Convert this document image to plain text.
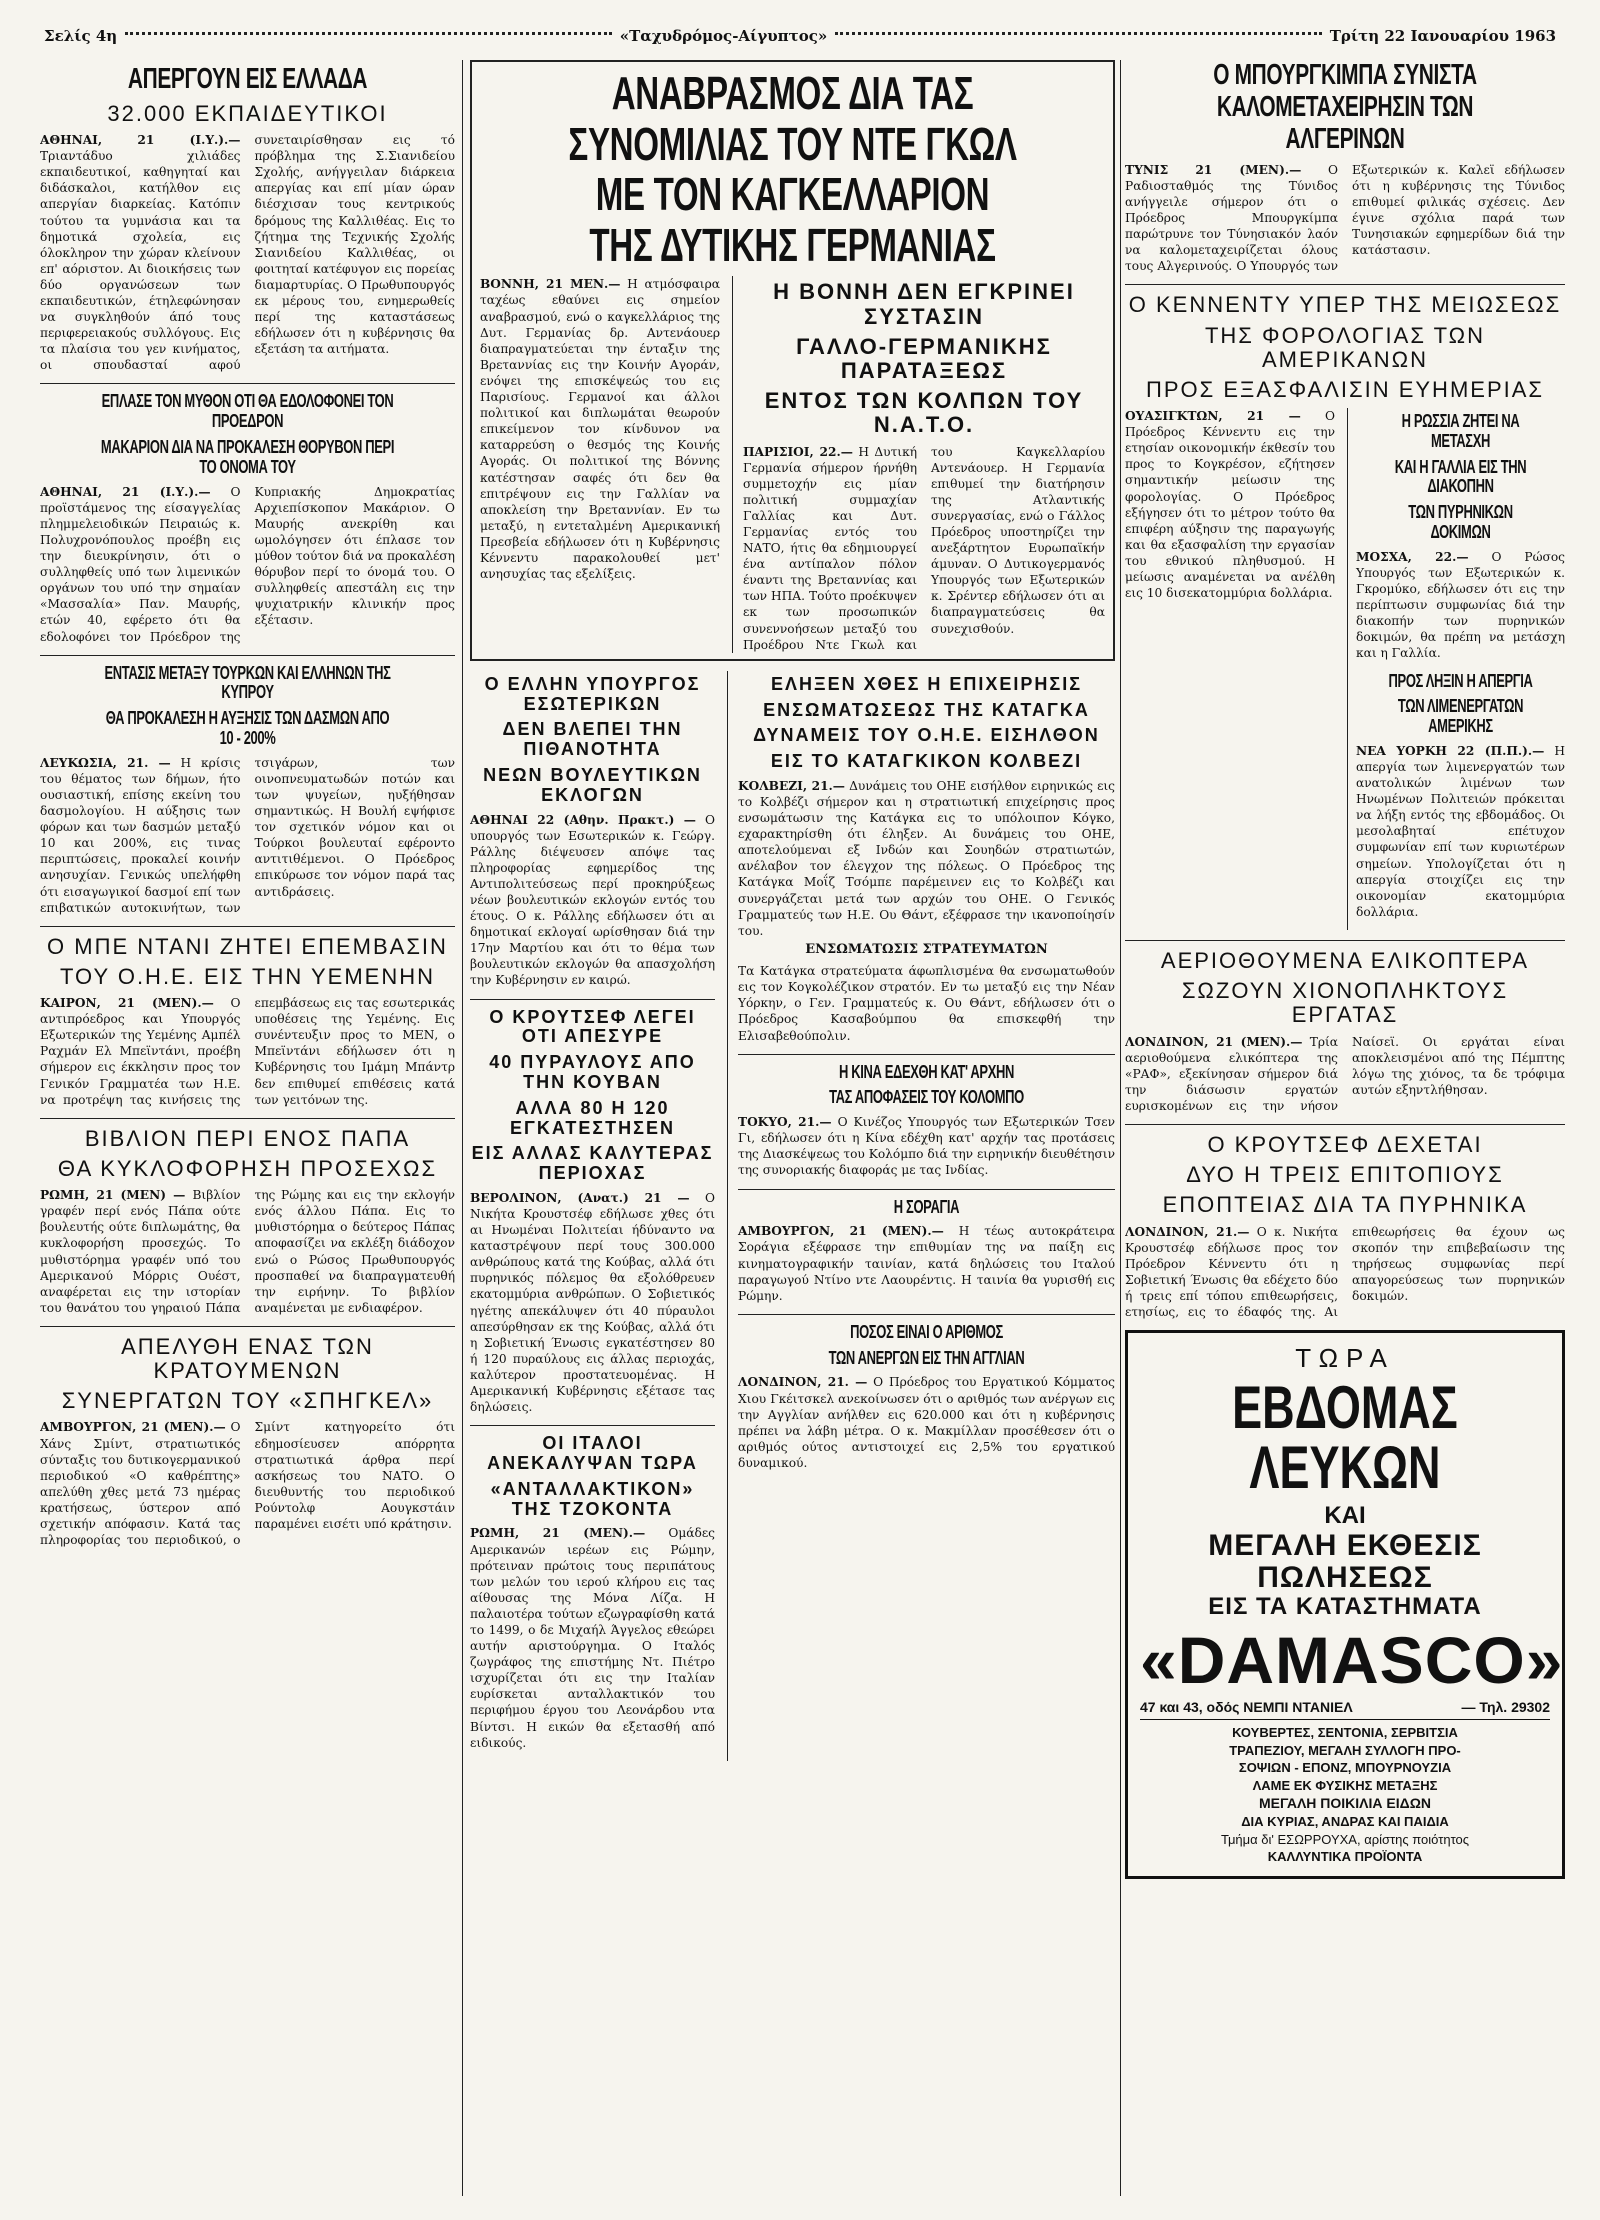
Σελίς 4η	«Ταχυδρόμος-Αίγυπτος»	Τρίτη 22 Ιανουαρίου 1963
ΑΠΕΡΓΟΥΝ ΕΙΣ ΕΛΛΑΔΑ
32.000 ΕΚΠΑΙΔΕΥΤΙΚΟΙ
ΑΘΗΝΑΙ, 21 (Ι.Υ.).— Τριαντάδυο χιλιάδες εκπαιδευτικοί, καθηγηταί και διδάσκαλοι, κατήλθον εις απεργίαν διαρκείας. Κατόπιν τούτου τα γυμνάσια και τα δημοτικά σχολεία, εις όλοκληρον την χώραν κλείνουν επ' αόριστον. Αι διοικήσεις των δύο οργανώσεων των εκπαιδευτικών, έτηλεφώνησαν να συγκληθούν άπό τους περιφερειακούς συλλόγους. Εις τα πλαίσια του γεν κινήματος, οι σπουδασταί αφού συνεταιρίσθησαν εις τό πρόβλημα της Σ.Σιανιδείου Σχολής, ανήγγειλαν διάρκεια απεργίας και επί μίαν ώραν διέσχισαν τους κεντρικούς δρόμους της Καλλιθέας. Εις το ζήτημα της Τεχνικής Σχολής Σιανιδείου Καλλιθέας, οι φοιτηταί κατέφυγον εις πορείας διαμαρτυρίας. Ο Πρωθυπουργός εκ μέρους του, ενημερωθείς περί της καταστάσεως εδήλωσεν ότι η κυβέρνησις θα εξετάση τα αιτήματα.
ΕΠΛΑΣΕ ΤΟΝ ΜΥΘΟΝ ΟΤΙ ΘΑ ΕΔΟΛΟΦΟΝΕΙ ΤΟΝ ΠΡΟΕΔΡΟΝ
ΜΑΚΑΡΙΟΝ ΔΙΑ ΝΑ ΠΡΟΚΑΛΕΣΗ ΘΟΡΥΒΟΝ ΠΕΡΙ ΤΟ ΟΝΟΜΑ ΤΟΥ
ΑΘΗΝΑΙ, 21 (Ι.Υ.).— Ο προϊστάμενος της είσαγγελίας πλημμελειοδικών Πειραιώς κ. Πολυχρονόπουλος προέβη εις την διευκρίνησιν, ότι ο συλληφθείς υπό των λιμενικών οργάνων του υπό την σημαίαν «Μασσαλία» Παν. Μαυρής, ετών 40, εφέρετο ότι θα εδολοφόνει τον Πρόεδρον της Κυπριακής Δημοκρατίας Αρχιεπίσκοπον Μακάριον. Ο Μαυρής ανεκρίθη και ωμολόγησεν ότι έπλασε τον μύθον τούτον διά να προκαλέση θόρυβον περί το όνομά του. Ο συλληφθείς απεστάλη εις την ψυχιατρικήν κλινικήν προς εξέτασιν.
ΕΝΤΑΣΙΣ ΜΕΤΑΞΥ ΤΟΥΡΚΩΝ ΚΑΙ ΕΛΛΗΝΩΝ ΤΗΣ ΚΥΠΡΟΥ
ΘΑ ΠΡΟΚΑΛΕΣΗ Η ΑΥΞΗΣΙΣ ΤΩΝ ΔΑΣΜΩΝ ΑΠΟ 10 - 200%
ΛΕΥΚΩΣΙΑ, 21. — Η κρίσις του θέματος των δήμων, ήτο ουσιαστική, επίσης εκείνη του δασμολογίου. Η αύξησις των φόρων και των δασμών μεταξύ 10 και 200%, εις τινας περιπτώσεις, προκαλεί κοινήν ανησυχίαν. Γενικώς υπελήφθη ότι εισαγωγικοί δασμοί επί των επιβατικών αυτοκινήτων, των τσιγάρων, των οινοπνευματωδών ποτών και των ψυγείων, ηυξήθησαν σημαντικώς. Η Βουλή εψήφισε τον σχετικόν νόμον και οι Τούρκοι βουλευταί εφέροντο αντιτιθέμενοι. Ο Πρόεδρος επικύρωσε τον νόμον παρά τας αντιδράσεις.
Ο ΜΠΕ ΝΤΑΝΙ ΖΗΤΕΙ ΕΠΕΜΒΑΣΙΝ
ΤΟΥ Ο.Η.Ε. ΕΙΣ ΤΗΝ ΥΕΜΕΝΗΝ
ΚΑΙΡΟΝ, 21 (ΜΕΝ).— Ο αντιπρόεδρος και Υπουργός Εξωτερικών της Υεμένης Αμπέλ Ραχμάν Ελ Μπεϊντάνι, προέβη σήμερον εις έκκλησιν προς τον Γενικόν Γραμματέα των Η.Ε. να προτρέψη τας κινήσεις της επεμβάσεως εις τας εσωτερικάς υποθέσεις της Υεμένης. Εις συνέντευξιν προς το ΜΕΝ, ο Μπεϊντάνι εδήλωσεν ότι η Κυβέρνησις του Ιμάμη Μπάντρ δεν επιθυμεί επιθέσεις κατά των γειτόνων της.
ΒΙΒΛΙΟΝ ΠΕΡΙ ΕΝΟΣ ΠΑΠΑ
ΘΑ ΚΥΚΛΟΦΟΡΗΣΗ ΠΡΟΣΕΧΩΣ
ΡΩΜΗ, 21 (ΜΕΝ) — Βιβλίον γραφέν περί ενός Πάπα ούτε βουλευτής ούτε διπλωμάτης, θα κυκλοφορήση προσεχώς. Το μυθιστόρημα γραφέν υπό του Αμερικανού Μόρρις Ουέστ, αναφέρεται εις την ιστορίαν του θανάτου του γηραιού Πάπα της Ρώμης και εις την εκλογήν ενός άλλου Πάπα. Εις το μυθιστόρημα ο δεύτερος Πάπας αποφασίζει να εκλέξη διάδοχον ενώ ο Ρώσος Πρωθυπουργός προσπαθεί να διαπραγματευθή την ειρήνην. Το βιβλίον αναμένεται με ενδιαφέρον.
ΑΠΕΛΥΘΗ ΕΝΑΣ ΤΩΝ ΚΡΑΤΟΥΜΕΝΩΝ
ΣΥΝΕΡΓΑΤΩΝ ΤΟΥ «ΣΠΗΓΚΕΛ»
ΑΜΒΟΥΡΓΟΝ, 21 (ΜΕΝ).— Ο Χάνς Σμίντ, στρατιωτικός σύνταξις του δυτικογερμανικού περιοδικού «Ο καθρέπτης» απελύθη χθες μετά 73 ημέρας κρατήσεως, ύστερον από σχετικήν απόφασιν. Κατά τας πληροφορίας του περιοδικού, ο Σμίντ κατηγορείτο ότι εδημοσίευσεν απόρρητα στρατιωτικά άρθρα περί ασκήσεως του ΝΑΤΟ. Ο διευθυντής του περιοδικού Ρούντολφ Αουγκστάιν παραμένει εισέτι υπό κράτησιν.
ΑΝΑΒΡΑΣΜΟΣ ΔΙΑ ΤΑΣ ΣΥΝΟΜΙΛΙΑΣ ΤΟΥ ΝΤΕ ΓΚΩΛ
ΜΕ ΤΟΝ ΚΑΓΚΕΛΛΑΡΙΟΝ ΤΗΣ ΔΥΤΙΚΗΣ ΓΕΡΜΑΝΙΑΣ
ΒΟΝΝΗ, 21 ΜΕΝ.— Η ατμόσφαιρα ταχέως εθαύνει εις σημείον αναβρασμού, ενώ ο καγκελλάριος της Δυτ. Γερμανίας δρ. Αντενάουερ διαπραγματεύεται την ένταξιν της Βρεταννίας εις την Κοινήν Αγοράν, ενόψει της επισκέψεώς του εις Παρισίους. Γερμανοί και άλλοι πολιτικοί και διπλωμάται θεωρούν επικείμενον τον κίνδυνον να καταρρεύση ο θεσμός της Κοινής Αγοράς. Οι πολιτικοί της Βόννης κατέστησαν σαφές ότι δεν θα επιτρέψουν εις την Γαλλίαν να αποκλείση την Βρεταννίαν. Εν τω μεταξύ, η εντεταλμένη Αμερικανική Πρεσβεία εδήλωσεν ότι η Κυβέρνησις Κέννεντυ παρακολουθεί μετ' ανησυχίας τας εξελίξεις.
Η ΒΟΝΝΗ ΔΕΝ ΕΓΚΡΙΝΕΙ ΣΥΣΤΑΣΙΝ
ΓΑΛΛΟ-ΓΕΡΜΑΝΙΚΗΣ ΠΑΡΑΤΑΞΕΩΣ
ΕΝΤΟΣ ΤΩΝ ΚΟΛΠΩΝ ΤΟΥ Ν.Α.Τ.Ο.
ΠΑΡΙΣΙΟΙ, 22.— Η Δυτική Γερμανία σήμερον ήρνήθη συμμετοχήν εις μίαν πολιτική συμμαχίαν Γαλλίας και Δυτ. Γερμανίας εντός του ΝΑΤΟ, ήτις θα εδημιουργεί ένα αντίπαλον πόλον έναντι της Βρεταννίας και των ΗΠΑ. Τούτο προέκυψεν εκ των προσωπικών συνεννοήσεων μεταξύ του Προέδρου Ντε Γκωλ και του Καγκελλαρίου Αντενάουερ. Η Γερμανία επιθυμεί την διατήρησιν της Ατλαντικής συνεργασίας, ενώ ο Γάλλος Πρόεδρος υποστηρίζει την ανεξάρτητον Ευρωπαϊκήν άμυναν. Ο Δυτικογερμανός Υπουργός των Εξωτερικών κ. Σρέντερ εδήλωσεν ότι αι διαπραγματεύσεις θα συνεχισθούν.
Ο ΕΛΛΗΝ ΥΠΟΥΡΓΟΣ ΕΣΩΤΕΡΙΚΩΝ
ΔΕΝ ΒΛΕΠΕΙ ΤΗΝ ΠΙΘΑΝΟΤΗΤΑ
ΝΕΩΝ ΒΟΥΛΕΥΤΙΚΩΝ ΕΚΛΟΓΩΝ
ΑΘΗΝΑΙ 22 (Αθην. Πρακτ.) — Ο υπουργός των Εσωτερικών κ. Γεώργ. Ράλλης διέψευσεν απόψε τας πληροφορίας εφημερίδος της Αντιπολιτεύσεως περί προκηρύξεως νέων βουλευτικών εκλογών εντός του έτους. Ο κ. Ράλλης εδήλωσεν ότι αι δημοτικαί εκλογαί ωρίσθησαν διά την 17ην Μαρτίου και ότι το θέμα των βουλευτικών εκλογών θα απασχολήση την Κυβέρνησιν εν καιρώ.
Ο ΚΡΟΥΤΣΕΦ ΛΕΓΕΙ ΟΤΙ ΑΠΕΣΥΡΕ
40 ΠΥΡΑΥΛΟΥΣ ΑΠΟ ΤΗΝ ΚΟΥΒΑΝ
ΑΛΛΑ 80 Η 120 ΕΓΚΑΤΕΣΤΗΣΕΝ
ΕΙΣ ΑΛΛΑΣ ΚΑΛΥΤΕΡΑΣ ΠΕΡΙΟΧΑΣ
ΒΕΡΟΛΙΝΟΝ, (Ανατ.) 21 — Ο Νικήτα Κρουστσέφ εδήλωσε χθες ότι αι Ηνωμέναι Πολιτείαι ήδύναντο να καταστρέψουν περί τους 300.000 ανθρώπους κατά της Κούβας, αλλά ότι πυρηνικός πόλεμος θα εξολόθρευεν εκατομμύρια ανθρώπων. Ο Σοβιετικός ηγέτης απεκάλυψεν ότι 40 πύραυλοι απεσύρθησαν εκ της Κούβας, αλλά ότι η Σοβιετική Ένωσις εγκατέστησεν 80 ή 120 πυραύλους εις άλλας περιοχάς, καλύτερον προστατευομένας. Η Αμερικανική Κυβέρνησις εξέτασε τας δηλώσεις.
ΟΙ ΙΤΑΛΟΙ ΑΝΕΚΑΛΥΨΑΝ ΤΩΡΑ
«ΑΝΤΑΛΛΑΚΤΙΚΟΝ» ΤΗΣ ΤΖΟΚΟΝΤΑ
ΡΩΜΗ, 21 (ΜΕΝ).— Ομάδες Αμερικανών ιερέων εις Ρώμην, πρότειναν πρώτοις τους περιπάτους των μελών του ιερού κλήρου εις τας αίθουσας της Μόνα Λίζα. Η παλαιοτέρα τούτων εζωγραφίσθη κατά το 1499, ο δε Μιχαήλ Άγγελος εθεώρει αυτήν αριστούργημα. Ο Ιταλός ζωγράφος της επιστήμης Ντ. Πιέτρο ισχυρίζεται ότι εις την Ιταλίαν ευρίσκεται ανταλλακτικόν του περιφήμου έργου του Λεονάρδου ντα Βίντσι. Η εικών θα εξετασθή από ειδικούς.
ΕΛΗΞΕΝ ΧΘΕΣ Η ΕΠΙΧΕΙΡΗΣΙΣ
ΕΝΣΩΜΑΤΩΣΕΩΣ ΤΗΣ ΚΑΤΑΓΚΑ
ΔΥΝΑΜΕΙΣ ΤΟΥ Ο.Η.Ε. ΕΙΣΗΛΘΟΝ
ΕΙΣ ΤΟ ΚΑΤΑΓΚΙΚΟΝ ΚΟΛΒΕΖΙ
ΚΟΛΒΕΖΙ, 21.— Δυνάμεις του ΟΗΕ εισήλθον ειρηνικώς εις το Κολβέζι σήμερον και η στρατιωτική επιχείρησις προς ενσωμάτωσιν της Κατάγκα εις το υπόλοιπον Κόγκο, εχαρακτηρίσθη ότι έληξεν. Αι δυνάμεις του ΟΗΕ, αποτελούμεναι εξ Ινδών και Σουηδών στρατιωτών, ανέλαβον τον έλεγχον της πόλεως. Ο Πρόεδρος της Κατάγκα Μοΐζ Τσόμπε παρέμεινεν εις το Κολβέζι και συνεργάζεται μετά των αρχών του ΟΗΕ. Ο Γενικός Γραμματεύς των Η.Ε. Ου Θάντ, εξέφρασε την ικανοποίησίν του.
ΕΝΣΩΜΑΤΩΣΙΣ ΣΤΡΑΤΕΥΜΑΤΩΝ
Τα Κατάγκα στρατεύματα άφωπλισμένα θα ενσωματωθούν εις τον Κογκολέζικον στρατόν. Εν τω μεταξύ εις την Νέαν Υόρκην, ο Γεν. Γραμματεύς κ. Ου Θάντ, εδήλωσεν ότι ο Πρόεδρος Κασαβούμπου θα επισκεφθή την Ελισαβεθούπολιν.
Η ΚΙΝΑ ΕΔΕΧΘΗ ΚΑΤ' ΑΡΧΗΝ
ΤΑΣ ΑΠΟΦΑΣΕΙΣ ΤΟΥ ΚΟΛΟΜΠΟ
ΤΟΚΥΟ, 21.— Ο Κινέζος Υπουργός των Εξωτερικών Τσεν Γι, εδήλωσεν ότι η Κίνα εδέχθη κατ' αρχήν τας προτάσεις της Διασκέψεως του Κολόμπο διά την ειρηνικήν διευθέτησιν της συνοριακής διαφοράς με τας Ινδίας.
Η ΣΟΡΑΓΙΑ
ΑΜΒΟΥΡΓΟΝ, 21 (ΜΕΝ).— Η τέως αυτοκράτειρα Σοράγια εξέφρασε την επιθυμίαν της να παίξη εις κινηματογραφικήν ταινίαν, κατά δηλώσεις του Ιταλού παραγωγού Ντίνο ντε Λαουρέντις. Η ταινία θα γυρισθή εις Ρώμην.
ΠΟΣΟΣ ΕΙΝΑΙ Ο ΑΡΙΘΜΟΣ
ΤΩΝ ΑΝΕΡΓΩΝ ΕΙΣ ΤΗΝ ΑΓΓΛΙΑΝ
ΛΟΝΔΙΝΟΝ, 21. — Ο Πρόεδρος του Εργατικού Κόμματος Χιου Γκέιτσκελ ανεκοίνωσεν ότι ο αριθμός των ανέργων εις την Αγγλίαν ανήλθεν εις 620.000 και ότι η κυβέρνησις πρέπει να λάβη μέτρα. Ο κ. Μακμίλλαν προσέθεσεν ότι ο αριθμός ούτος αντιστοιχεί εις 2,5% του εργατικού δυναμικού.
Ο ΜΠΟΥΡΓΚΙΜΠΑ ΣΥΝΙΣΤΑ
ΚΑΛΟΜΕΤΑΧΕΙΡΗΣΙΝ ΤΩΝ ΑΛΓΕΡΙΝΩΝ
ΤΥΝΙΣ 21 (ΜΕΝ).— Ο Ραδιοσταθμός της Τύνιδος ανήγγειλε σήμερον ότι ο Πρόεδρος Μπουργκίμπα παρώτρυνε τον Τύνησιακόν λαόν να καλομεταχειρίζεται όλους τους Αλγερινούς. Ο Υπουργός των Εξωτερικών κ. Καλεϊ εδήλωσεν ότι η κυβέρνησις της Τύνιδος επιθυμεί φιλικάς σχέσεις. Δεν έγινε σχόλια παρά των Τυνησιακών εφημερίδων διά την κατάστασιν.
Ο ΚΕΝΝΕΝΤΥ ΥΠΕΡ ΤΗΣ ΜΕΙΩΣΕΩΣ
ΤΗΣ ΦΟΡΟΛΟΓΙΑΣ ΤΩΝ ΑΜΕΡΙΚΑΝΩΝ
ΠΡΟΣ ΕΞΑΣΦΑΛΙΣΙΝ ΕΥΗΜΕΡΙΑΣ
ΟΥΑΣΙΓΚΤΩΝ, 21 — Ο Πρόεδρος Κέννεντυ εις την ετησίαν οικονομικήν έκθεσίν του προς το Κογκρέσον, εζήτησεν σημαντικήν μείωσιν της φορολογίας. Ο Πρόεδρος εξήγησεν ότι το μέτρον τούτο θα επιφέρη αύξησιν της παραγωγής και θα εξασφαλίση την εργασίαν του εθνικού πληθυσμού. Η μείωσις αναμένεται να ανέλθη εις 10 δισεκατομμύρια δολλάρια.
Η ΡΩΣΣΙΑ ΖΗΤΕΙ ΝΑ ΜΕΤΑΣΧΗ
ΚΑΙ Η ΓΑΛΛΙΑ ΕΙΣ ΤΗΝ ΔΙΑΚΟΠΗΝ
ΤΩΝ ΠΥΡΗΝΙΚΩΝ ΔΟΚΙΜΩΝ
ΜΟΣΧΑ, 22.— Ο Ρώσος Υπουργός των Εξωτερικών κ. Γκρομύκο, εδήλωσεν ότι εις την περίπτωσιν συμφωνίας διά την διακοπήν των πυρηνικών δοκιμών, θα πρέπη να μετάσχη και η Γαλλία.
ΠΡΟΣ ΛΗΞΙΝ Η ΑΠΕΡΓΙΑ
ΤΩΝ ΛΙΜΕΝΕΡΓΑΤΩΝ ΑΜΕΡΙΚΗΣ
ΝΕΑ ΥΟΡΚΗ 22 (Π.Π.).— Η απεργία των λιμενεργατών των ανατολικών λιμένων των Ηνωμένων Πολιτειών πρόκειται να λήξη εντός της εβδομάδος. Οι μεσολαβηταί επέτυχον συμφωνίαν επί των κυριωτέρων σημείων. Υπολογίζεται ότι η απεργία στοιχίζει εις την οικονομίαν εκατομμύρια δολλάρια.
ΑΕΡΙΟΘΟΥΜΕΝΑ ΕΛΙΚΟΠΤΕΡΑ
ΣΩΖΟΥΝ ΧΙΟΝΟΠΛΗΚΤΟΥΣ ΕΡΓΑΤΑΣ
ΛΟΝΔΙΝΟΝ, 21 (ΜΕΝ).— Τρία αεριοθούμενα ελικόπτερα της «ΡΑΦ», εξεκίνησαν σήμερον διά την διάσωσιν εργατών ευρισκομένων εις την νήσον Ναίσεϊ. Οι εργάται είναι αποκλεισμένοι από της Πέμπτης λόγω της χιόνος, τα δε τρόφιμα αυτών εξηντλήθησαν.
Ο ΚΡΟΥΤΣΕΦ ΔΕΧΕΤΑΙ
ΔΥΟ Η ΤΡΕΙΣ ΕΠΙΤΟΠΙΟΥΣ
ΕΠΟΠΤΕΙΑΣ ΔΙΑ ΤΑ ΠΥΡΗΝΙΚΑ
ΛΟΝΔΙΝΟΝ, 21.— Ο κ. Νικήτα Κρουστσέφ εδήλωσε προς τον Πρόεδρον Κέννεντυ ότι η Σοβιετική Ένωσις θα εδέχετο δύο ή τρεις επί τόπου επιθεωρήσεις, ετησίως, εις το έδαφός της. Αι επιθεωρήσεις θα έχουν ως σκοπόν την επιβεβαίωσιν της τηρήσεως συμφωνίας περί απαγορεύσεως των πυρηνικών δοκιμών.
ΤΩΡΑ
ΕΒΔΟΜΑΣ ΛΕΥΚΩΝ
ΚΑΙ
ΜΕΓΑΛΗ ΕΚΘΕΣΙΣ ΠΩΛΗΣΕΩΣ
ΕΙΣ ΤΑ ΚΑΤΑΣΤΗΜΑΤΑ
«DAMASCO»
47 και 43, οδός ΝΕΜΠΙ ΝΤΑΝΙΕΛ	— Τηλ. 29302
ΚΟΥΒΕΡΤΕΣ, ΣΕΝΤΟΝΙΑ, ΣΕΡΒΙΤΣΙΑ
ΤΡΑΠΕΖΙΟΥ, ΜΕΓΑΛΗ ΣΥΛΛΟΓΗ ΠΡΟ-
ΣΟΨΙΩΝ - ΕΠΟΝΖ, ΜΠΟΥΡΝΟΥΖΙΑ
ΛΑΜΕ ΕΚ ΦΥΣΙΚΗΣ ΜΕΤΑΞΗΣ
ΜΕΓΑΛΗ ΠΟΙΚΙΛΙΑ ΕΙΔΩΝ
ΔΙΑ ΚΥΡΙΑΣ, ΑΝΔΡΑΣ ΚΑΙ ΠΑΙΔΙΑ
Τμήμα δι' ΕΣΩΡΡΟΥΧΑ, αρίστης ποιότητος
ΚΑΛΛΥΝΤΙΚΑ ΠΡΟΪΟΝΤΑ
